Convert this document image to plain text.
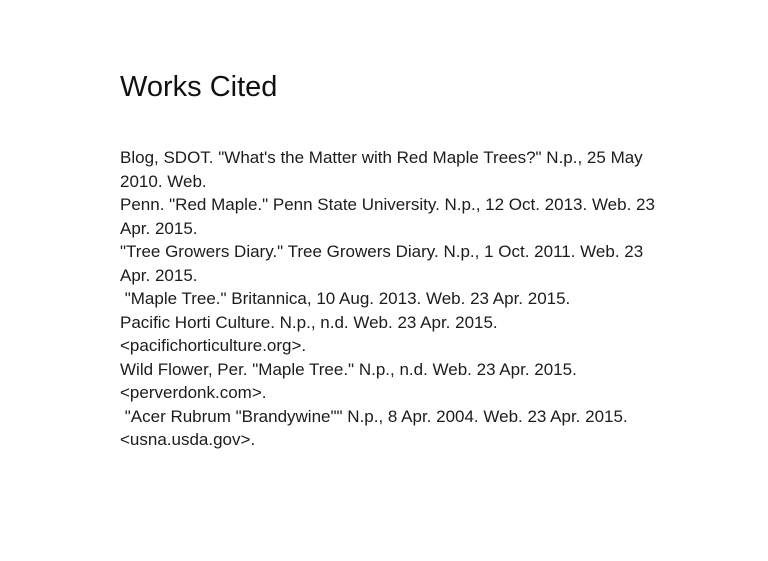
Works Cited
Blog, SDOT. "What's the Matter with Red Maple Trees?" N.p., 25 May 2010. Web.
Penn. "Red Maple." Penn State University. N.p., 12 Oct. 2013. Web. 23 Apr. 2015.
"Tree Growers Diary." Tree Growers Diary. N.p., 1 Oct. 2011. Web. 23 Apr. 2015.
"Maple Tree." Britannica, 10 Aug. 2013. Web. 23 Apr. 2015.
Pacific Horti Culture. N.p., n.d. Web. 23 Apr. 2015. <pacifichorticulture.org>.
Wild Flower, Per. "Maple Tree." N.p., n.d. Web. 23 Apr. 2015. <perverdonk.com>.
"Acer Rubrum "Brandywine"" N.p., 8 Apr. 2004. Web. 23 Apr. 2015. <usna.usda.gov>.
